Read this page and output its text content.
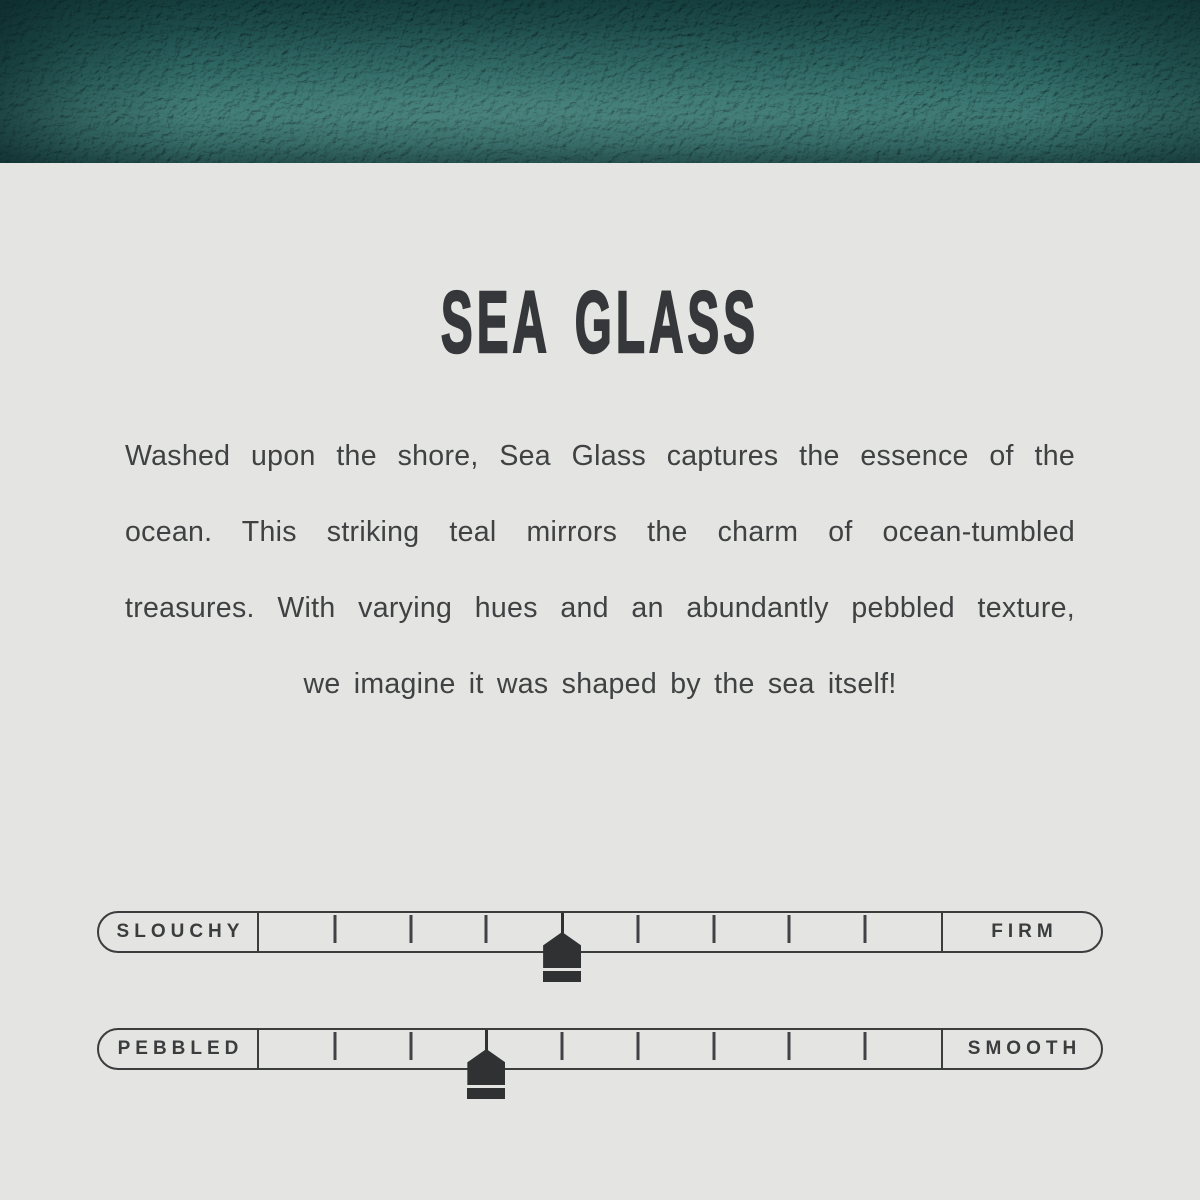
SEA GLASS

Washed upon the shore, Sea Glass captures the essence of the

ocean. This striking teal mirrors the charm of ocean-tumbled

treasures. With varying hues and an abundantly pebbled texture,

we imagine it was shaped by the sea itself!

SLOUCHY	FIRM
PEBBLED	SMOOTH
